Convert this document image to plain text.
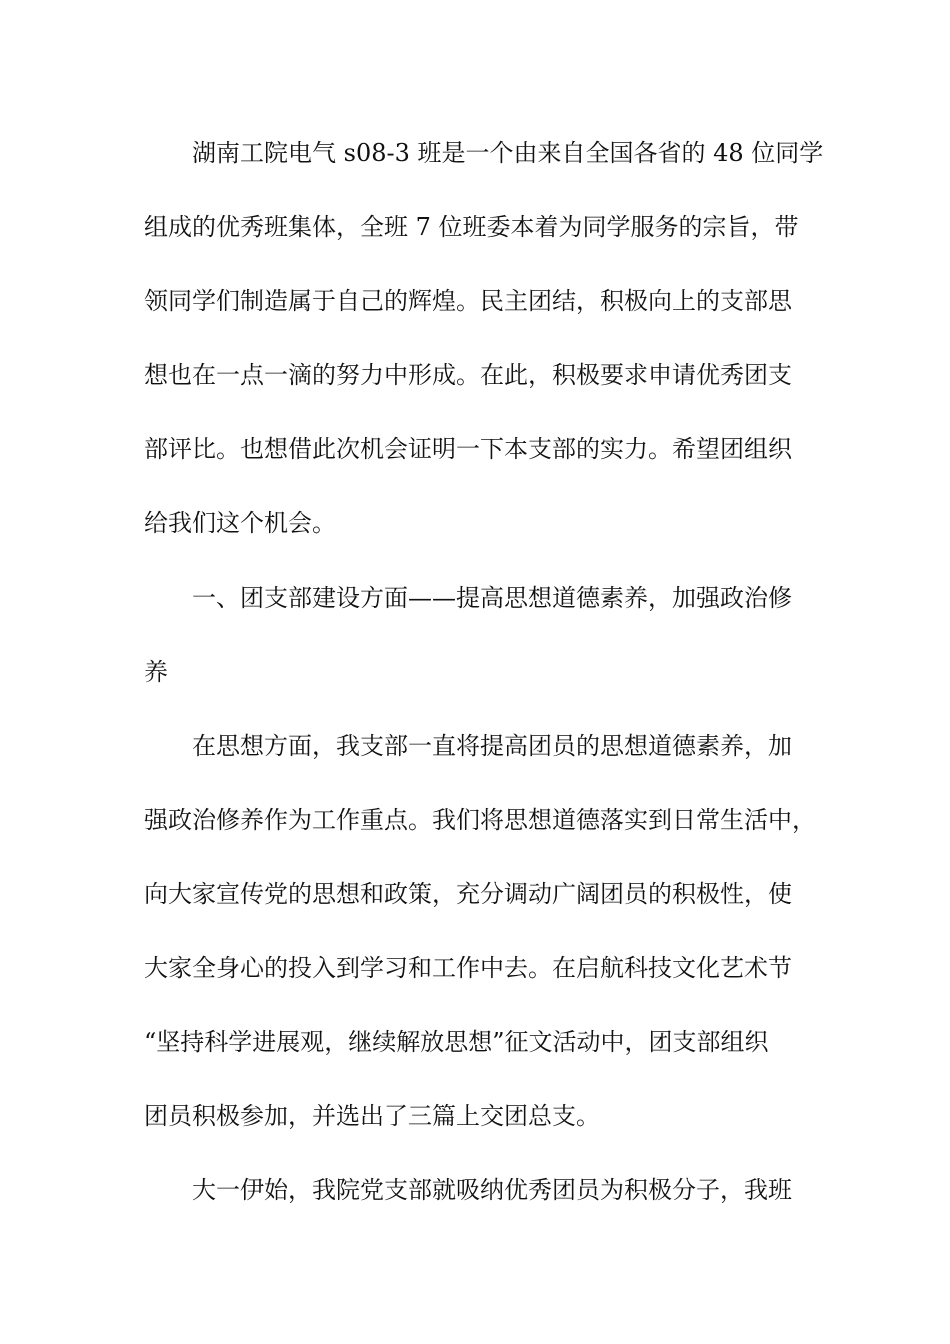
湖南工院电气 s08-3 班是一个由来自全国各省的 48 位同学
组成的优秀班集体，全班 7 位班委本着为同学服务的宗旨，带
领同学们制造属于自己的辉煌。民主团结，积极向上的支部思
想也在一点一滴的努力中形成。在此，积极要求申请优秀团支
部评比。也想借此次机会证明一下本支部的实力。希望团组织
给我们这个机会。
一、团支部建设方面——提高思想道德素养，加强政治修
养
在思想方面，我支部一直将提高团员的思想道德素养，加
强政治修养作为工作重点。我们将思想道德落实到日常生活中，
向大家宣传党的思想和政策，充分调动广阔团员的积极性，使
大家全身心的投入到学习和工作中去。在启航科技文化艺术节
“坚持科学进展观，继续解放思想”征文活动中，团支部组织
团员积极参加，并选出了三篇上交团总支。
大一伊始，我院党支部就吸纳优秀团员为积极分子，我班
